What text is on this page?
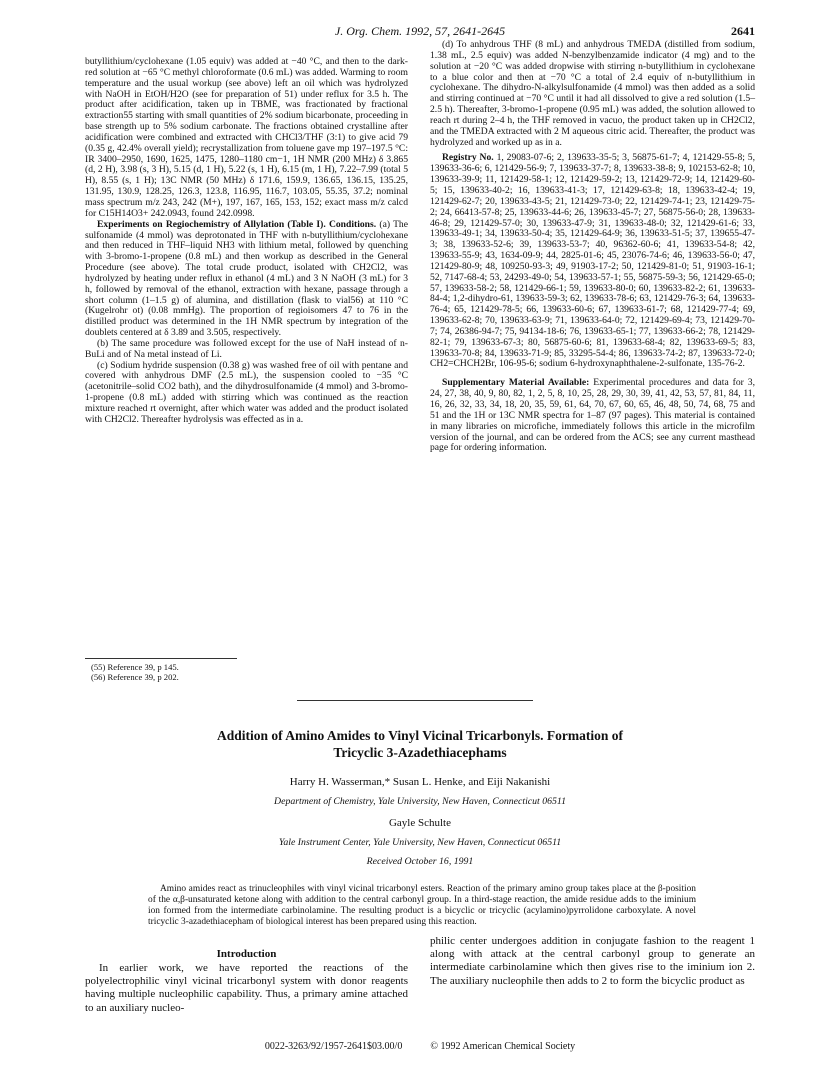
J. Org. Chem. 1992, 57, 2641-2645	2641

butyllithium/cyclohexane (1.05 equiv) was added at −40 °C, and then to the dark-red solution at −65 °C methyl chloroformate (0.6 mL) was added. Warming to room temperature and the usual workup (see above) left an oil which was hydrolyzed with NaOH in EtOH/H2O (see for preparation of 51) under reflux for 3.5 h. The product after acidification, taken up in TBME, was fractionated by fractional extraction55 starting with small quantities of 2% sodium bicarbonate, proceeding in base strength up to 5% sodium carbonate. The fractions obtained crystalline after acidification were combined and extracted with CHCl3/THF (3:1) to give acid 79 (0.35 g, 42.4% overall yield); recrystallization from toluene gave mp 197–197.5 °C: IR 3400–2950, 1690, 1625, 1475, 1280–1180 cm−1, 1H NMR (200 MHz) δ 3.865 (d, 2 H), 3.98 (s, 3 H), 5.15 (d, 1 H), 5.22 (s, 1 H), 6.15 (m, 1 H), 7.22–7.99 (total 5 H), 8.55 (s, 1 H); 13C NMR (50 MHz) δ 171.6, 159.9, 136.65, 136.15, 135.25, 131.95, 130.9, 128.25, 126.3, 123.8, 116.95, 116.7, 103.05, 55.35, 37.2; nominal mass spectrum m/z 243, 242 (M+), 197, 167, 165, 153, 152; exact mass m/z calcd for C15H14O3+ 242.0943, found 242.0998.

Experiments on Regiochemistry of Allylation (Table I). Conditions. (a) The sulfonamide (4 mmol) was deprotonated in THF with n-butyllithium/cyclohexane and then reduced in THF–liquid NH3 with lithium metal, followed by quenching with 3-bromo-1-propene (0.8 mL) and then workup as described in the General Procedure (see above). The total crude product, isolated with CH2Cl2, was hydrolyzed by heating under reflux in ethanol (4 mL) and 3 N NaOH (3 mL) for 3 h, followed by removal of the ethanol, extraction with hexane, passage through a short column (1–1.5 g) of alumina, and distillation (flask to vial56) at 110 °C (Kugelrohr ot) (0.08 mmHg). The proportion of regioisomers 47 to 76 in the distilled product was determined in the 1H NMR spectrum by integration of the doublets centered at δ 3.89 and 3.505, respectively.

(b) The same procedure was followed except for the use of NaH instead of n-BuLi and of Na metal instead of Li.

(c) Sodium hydride suspension (0.38 g) was washed free of oil with pentane and covered with anhydrous DMF (2.5 mL), the suspension cooled to −35 °C (acetonitrile–solid CO2 bath), and the dihydrosulfonamide (4 mmol) and 3-bromo-1-propene (0.8 mL) added with stirring which was continued as the reaction mixture reached rt overnight, after which water was added and the product isolated with CH2Cl2. Thereafter hydrolysis was effected as in a.

(55) Reference 39, p 145.
(56) Reference 39, p 202.

(d) To anhydrous THF (8 mL) and anhydrous TMEDA (distilled from sodium, 1.38 mL, 2.5 equiv) was added N-benzylbenzamide indicator (4 mg) and to the solution at −20 °C was added dropwise with stirring n-butyllithium in cyclohexane to a blue color and then at −70 °C a total of 2.4 equiv of n-butyllithium in cyclohexane. The dihydro-N-alkylsulfonamide (4 mmol) was then added as a solid and stirring continued at −70 °C until it had all dissolved to give a red solution (1.5–2.5 h). Thereafter, 3-bromo-1-propene (0.95 mL) was added, the solution allowed to reach rt during 2–4 h, the THF removed in vacuo, the product taken up in CH2Cl2, and the TMEDA extracted with 2 M aqueous citric acid. Thereafter, the product was hydrolyzed and worked up as in a.

Registry No. 1, 29083-07-6; 2, 139633-35-5; 3, 56875-61-7; 4, 121429-55-8; 5, 139633-36-6; 6, 121429-56-9; 7, 139633-37-7; 8, 139633-38-8; 9, 102153-62-8; 10, 139633-39-9; 11, 121429-58-1; 12, 121429-59-2; 13, 121429-72-9; 14, 121429-60-5; 15, 139633-40-2; 16, 139633-41-3; 17, 121429-63-8; 18, 139633-42-4; 19, 121429-62-7; 20, 139633-43-5; 21, 121429-73-0; 22, 121429-74-1; 23, 121429-75-2; 24, 66413-57-8; 25, 139633-44-6; 26, 139633-45-7; 27, 56875-56-0; 28, 139633-46-8; 29, 121429-57-0; 30, 139633-47-9; 31, 139633-48-0; 32, 121429-61-6; 33, 139633-49-1; 34, 139633-50-4; 35, 121429-64-9; 36, 139633-51-5; 37, 139655-47-3; 38, 139633-52-6; 39, 139633-53-7; 40, 96362-60-6; 41, 139633-54-8; 42, 139633-55-9; 43, 1634-09-9; 44, 2825-01-6; 45, 23076-74-6; 46, 139633-56-0; 47, 121429-80-9; 48, 109250-93-3; 49, 91903-17-2; 50, 121429-81-0; 51, 91903-16-1; 52, 7147-68-4; 53, 24293-49-0; 54, 139633-57-1; 55, 56875-59-3; 56, 121429-65-0; 57, 139633-58-2; 58, 121429-66-1; 59, 139633-80-0; 60, 139633-82-2; 61, 139633-84-4; 1,2-dihydro-61, 139633-59-3; 62, 139633-78-6; 63, 121429-76-3; 64, 139633-76-4; 65, 121429-78-5; 66, 139633-60-6; 67, 139633-61-7; 68, 121429-77-4; 69, 139633-62-8; 70, 139633-63-9; 71, 139633-64-0; 72, 121429-69-4; 73, 121429-70-7; 74, 26386-94-7; 75, 94134-18-6; 76, 139633-65-1; 77, 139633-66-2; 78, 121429-82-1; 79, 139633-67-3; 80, 56875-60-6; 81, 139633-68-4; 82, 139633-69-5; 83, 139633-70-8; 84, 139633-71-9; 85, 33295-54-4; 86, 139633-74-2; 87, 139633-72-0; CH2=CHCH2Br, 106-95-6; sodium 6-hydroxynaphthalene-2-sulfonate, 135-76-2.

Supplementary Material Available: Experimental procedures and data for 3, 24, 27, 38, 40, 9, 80, 82, 1, 2, 5, 8, 10, 25, 28, 29, 30, 39, 41, 42, 53, 57, 81, 84, 11, 16, 26, 32, 33, 34, 18, 20, 35, 59, 61, 64, 70, 67, 60, 65, 46, 48, 50, 74, 68, 75 and 51 and the 1H or 13C NMR spectra for 1–87 (97 pages). This material is contained in many libraries on microfiche, immediately follows this article in the microfilm version of the journal, and can be ordered from the ACS; see any current masthead page for ordering information.

Addition of Amino Amides to Vinyl Vicinal Tricarbonyls. Formation of
Tricyclic 3-Azadethiacephams
Harry H. Wasserman,* Susan L. Henke, and Eiji Nakanishi
Department of Chemistry, Yale University, New Haven, Connecticut 06511
Gayle Schulte
Yale Instrument Center, Yale University, New Haven, Connecticut 06511
Received October 16, 1991
Amino amides react as trinucleophiles with vinyl vicinal tricarbonyl esters. Reaction of the primary amino group takes place at the β-position of the α,β-unsaturated ketone along with addition to the central carbonyl group. In a third-stage reaction, the amide residue adds to the iminium ion formed from the intermediate carbinolamine. The resulting product is a bicyclic or tricyclic (acylamino)pyrrolidone carboxylate. A novel tricyclic 3-azadethiacepham of biological interest has been prepared using this reaction.
Introduction
In earlier work, we have reported the reactions of the polyelectrophilic vinyl vicinal tricarbonyl system with donor reagents having multiple nucleophilic capability. Thus, a primary amine attached to an auxiliary nucleo-
philic center undergoes addition in conjugate fashion to the reagent 1 along with attack at the central carbonyl group to generate an intermediate carbinolamine which then gives rise to the iminium ion 2. The auxiliary nucleophile then adds to 2 to form the bicyclic product as
0022-3263/92/1957-2641$03.00/0	© 1992 American Chemical Society
